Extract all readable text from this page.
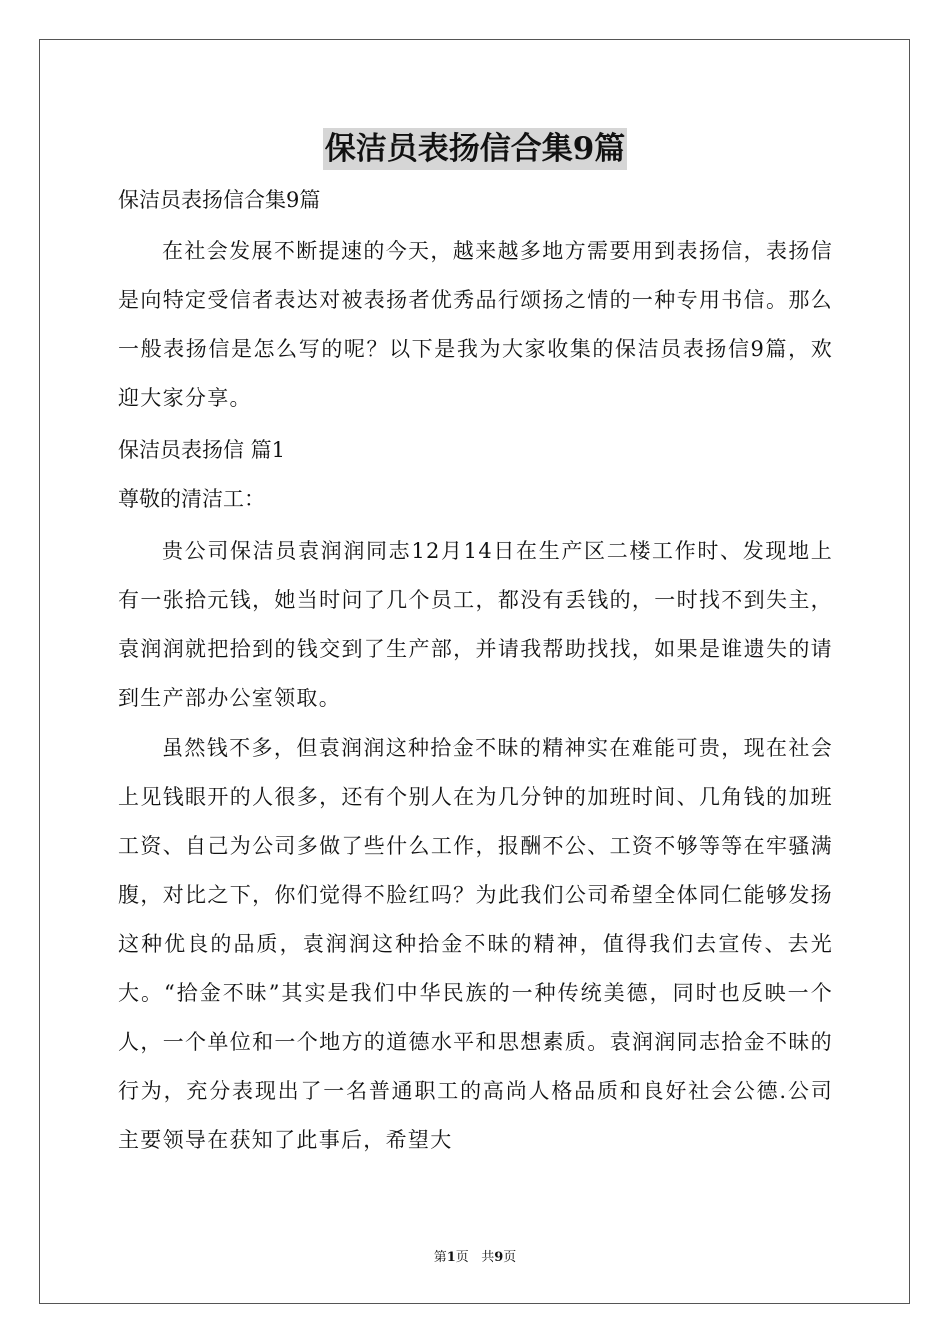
保洁员表扬信合集9篇
保洁员表扬信合集9篇

在社会发展不断提速的今天，越来越多地方需要用到表扬信，表扬信是向特定受信者表达对被表扬者优秀品行颂扬之情的一种专用书信。那么一般表扬信是怎么写的呢？以下是我为大家收集的保洁员表扬信9篇，欢迎大家分享。

保洁员表扬信 篇1
尊敬的清洁工：

贵公司保洁员袁润润同志12月14日在生产区二楼工作时、发现地上有一张拾元钱，她当时问了几个员工，都没有丢钱的，一时找不到失主，袁润润就把拾到的钱交到了生产部，并请我帮助找找，如果是谁遗失的请到生产部办公室领取。

虽然钱不多，但袁润润这种拾金不昧的精神实在难能可贵，现在社会上见钱眼开的人很多，还有个别人在为几分钟的加班时间、几角钱的加班工资、自己为公司多做了些什么工作，报酬不公、工资不够等等在牢骚满腹，对比之下，你们觉得不脸红吗？为此我们公司希望全体同仁能够发扬这种优良的品质，袁润润这种拾金不昧的精神，值得我们去宣传、去光大。“拾金不昧”其实是我们中华民族的一种传统美德，同时也反映一个人，一个单位和一个地方的道德水平和思想素质。袁润润同志拾金不昧的行为，充分表现出了一名普通职工的高尚人格品质和良好社会公德.公司主要领导在获知了此事后，希望大

第1页 共9页
